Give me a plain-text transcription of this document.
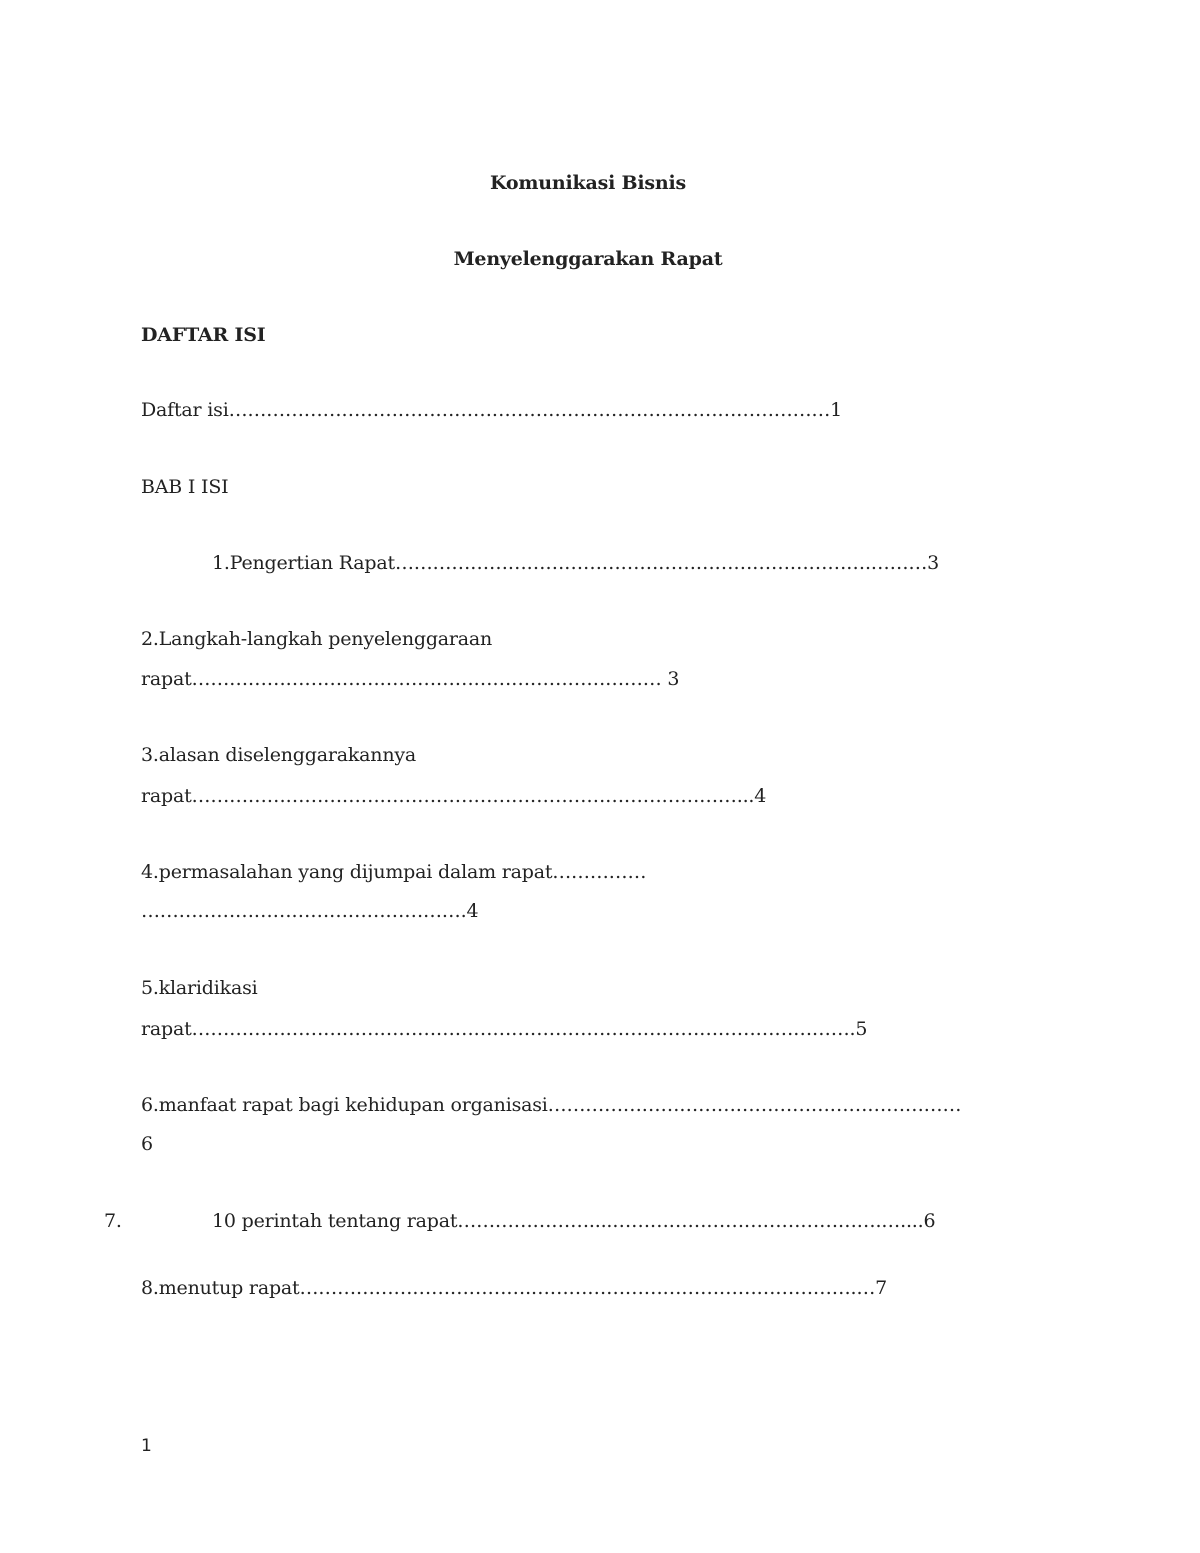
Komunikasi Bisnis
Menyelenggarakan Rapat
DAFTAR ISI
Daftar isi……………………………………………………………………………………1
BAB I ISI
1.Pengertian Rapat………………………………………………………………….………3
2.Langkah-langkah penyelenggaraan
rapat………………………………………………………………… 3
3.alasan diselenggarakannya
rapat……………………………………………………………………………...4
4.permasalahan yang dijumpai dalam rapat……………
…………………………………………….4
5.klaridikasi
rapat…………………………………………………………………………………………….5
6.manfaat rapat bagi kehidupan organisasi…………………………………………………………
6
7.	10 perintah tentang rapat…………………....…………………………………….…....6
8.menutup rapat……………………………….…………………………………………….…7
1
